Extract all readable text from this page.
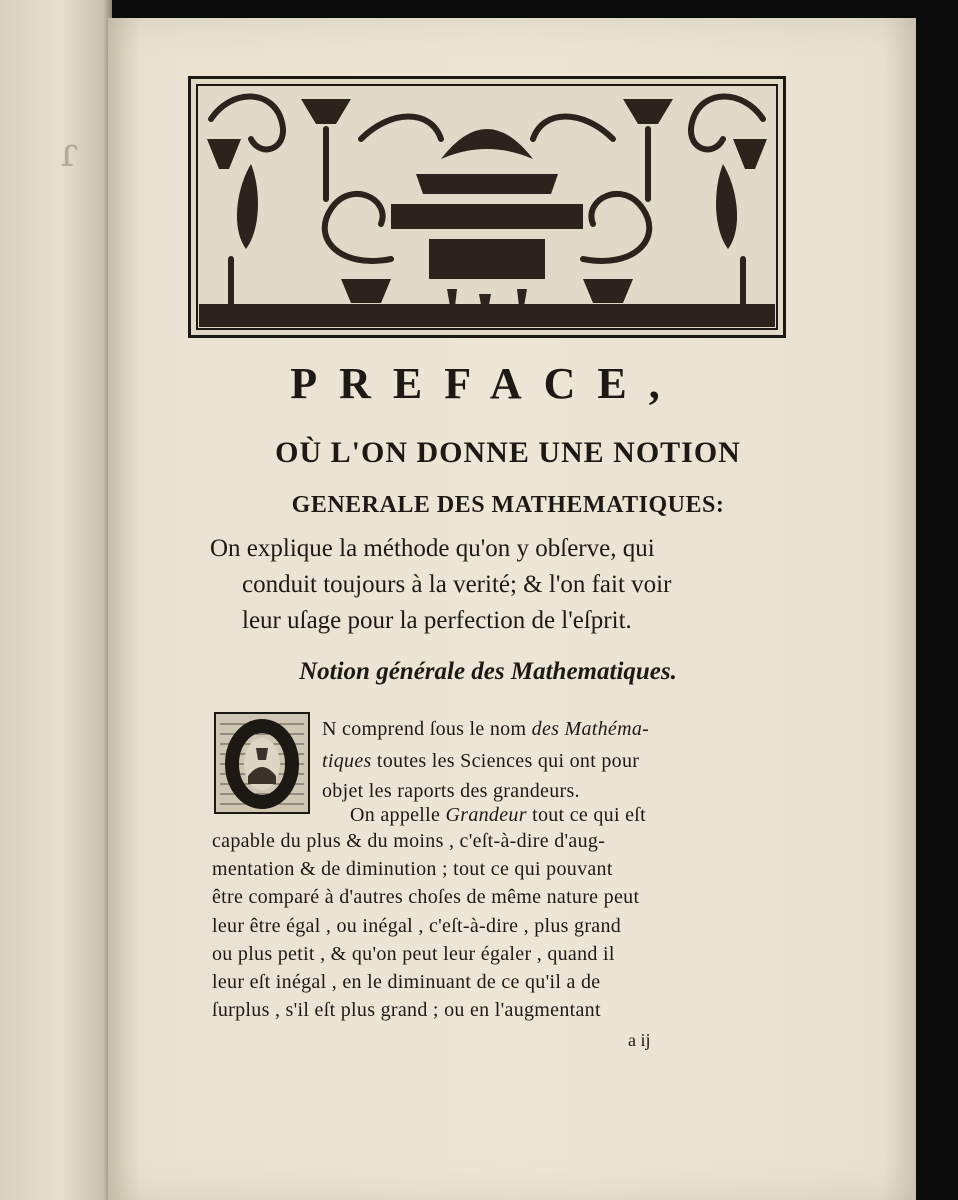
ɾ
PREFACE,
OÙ L'ON DONNE UNE NOTION
GENERALE DES MATHEMATIQUES:

On explique la méthode qu'on y obſerve, qui

conduit toujours à la verité; & l'on fait voir

leur uſage pour la perfection de l'eſprit.

Notion générale des Mathematiques.

N comprend ſous le nom des Mathéma-

tiques toutes les Sciences qui ont pour

objet les raports des grandeurs.

On appelle Grandeur tout ce qui eſt

capable du plus & du moins , c'eſt-à-dire d'aug-

mentation & de diminution ; tout ce qui pouvant

être comparé à d'autres choſes de même nature peut

leur être égal , ou inégal , c'eſt-à-dire , plus grand

ou plus petit , & qu'on peut leur égaler , quand il

leur eſt inégal , en le diminuant de ce qu'il a de

ſurplus , s'il eſt plus grand ; ou en l'augmentant

a ij
